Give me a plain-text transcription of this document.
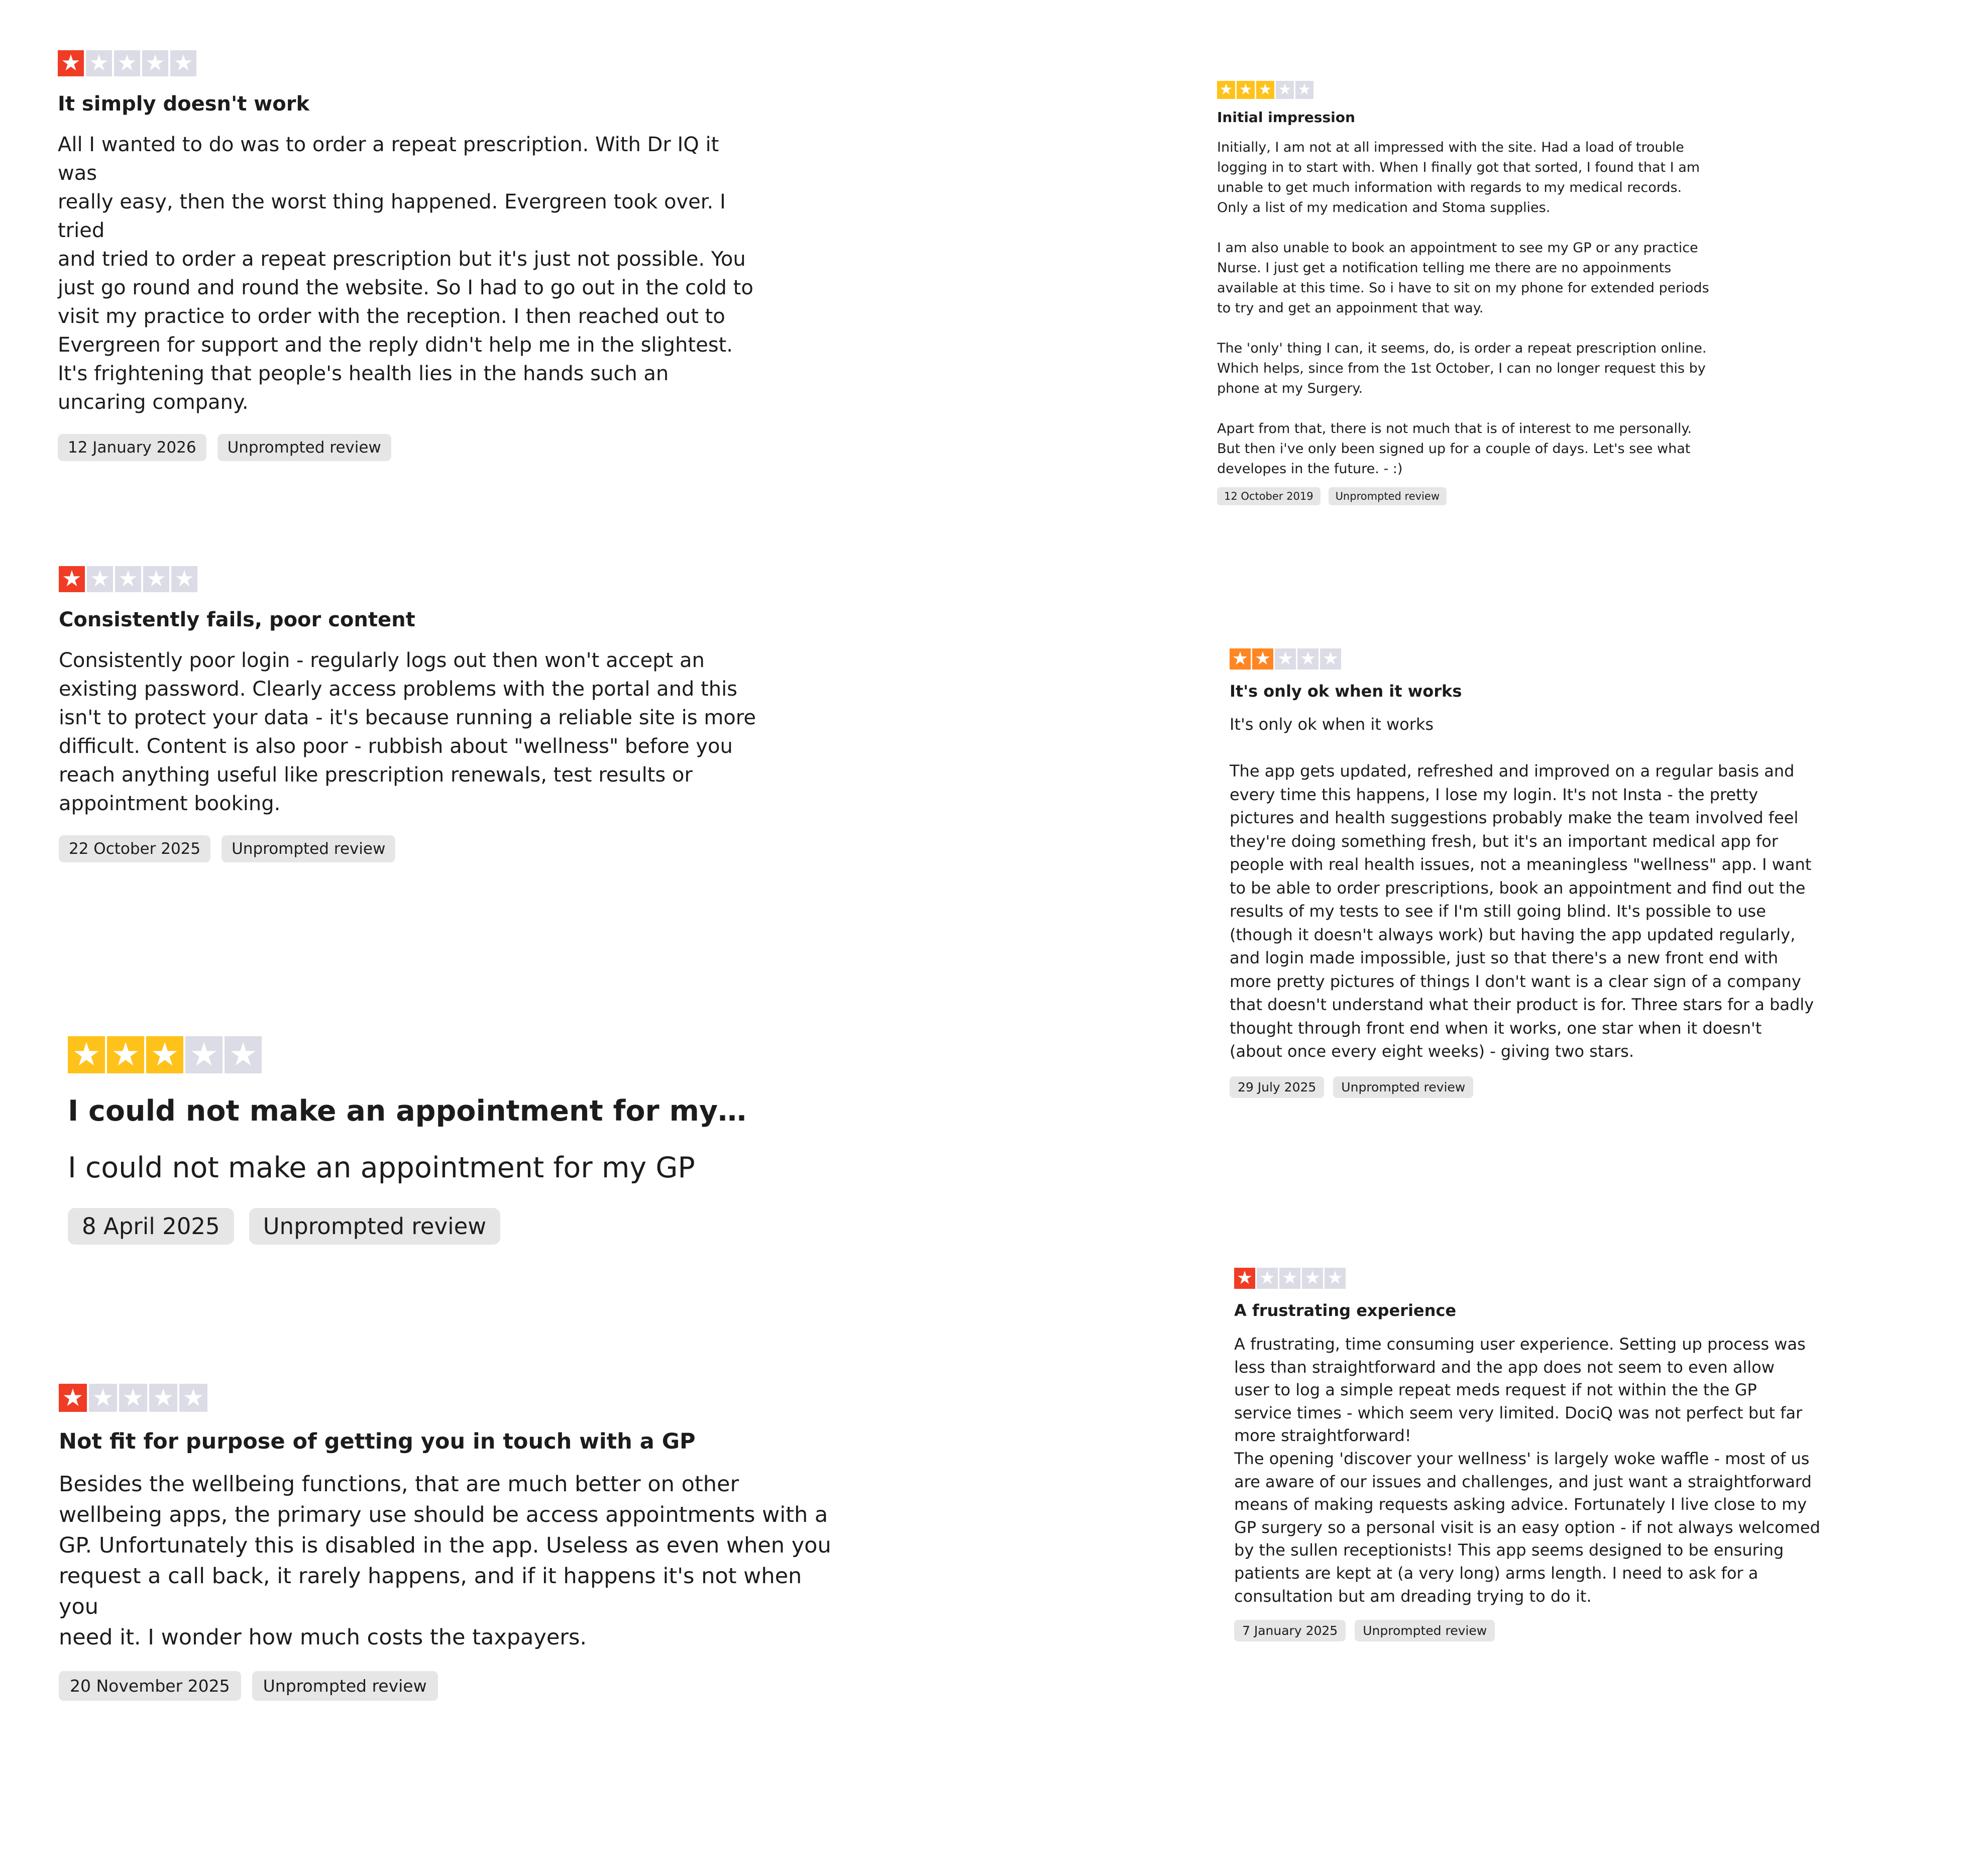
★ ★ ★ ★ ★
It simply doesn't work
All I wanted to do was to order a repeat prescription. With Dr IQ it was
really easy, then the worst thing happened. Evergreen took over. I tried
and tried to order a repeat prescription but it's just not possible. You
just go round and round the website. So I had to go out in the cold to
visit my practice to order with the reception. I then reached out to
Evergreen for support and the reply didn't help me in the slightest.
It's frightening that people's health lies in the hands such an
uncaring company.
12 January 2026	Unprompted review
★ ★ ★ ★ ★
Consistently fails, poor content
Consistently poor login - regularly logs out then won't accept an
existing password. Clearly access problems with the portal and this
isn't to protect your data - it's because running a reliable site is more
difficult. Content is also poor - rubbish about "wellness" before you
reach anything useful like prescription renewals, test results or
appointment booking.
22 October 2025	Unprompted review
★ ★ ★ ★ ★
I could not make an appointment for my…
I could not make an appointment for my GP
8 April 2025	Unprompted review
★ ★ ★ ★ ★
Not fit for purpose of getting you in touch with a GP
Besides the wellbeing functions, that are much better on other
wellbeing apps, the primary use should be access appointments with a
GP. Unfortunately this is disabled in the app. Useless as even when you
request a call back, it rarely happens, and if it happens it's not when you
need it. I wonder how much costs the taxpayers.
20 November 2025	Unprompted review
★ ★ ★ ★ ★
Initial impression
Initially, I am not at all impressed with the site. Had a load of trouble
logging in to start with. When I finally got that sorted, I found that I am
unable to get much information with regards to my medical records.
Only a list of my medication and Stoma supplies.

I am also unable to book an appointment to see my GP or any practice
Nurse. I just get a notification telling me there are no appoinments
available at this time. So i have to sit on my phone for extended periods
to try and get an appoinment that way.

The 'only' thing I can, it seems, do, is order a repeat prescription online.
Which helps, since from the 1st October, I can no longer request this by
phone at my Surgery.

Apart from that, there is not much that is of interest to me personally.
But then i've only been signed up for a couple of days. Let's see what
developes in the future. - :)
12 October 2019	Unprompted review
★ ★ ★ ★ ★
It's only ok when it works
It's only ok when it works

The app gets updated, refreshed and improved on a regular basis and
every time this happens, I lose my login. It's not Insta - the pretty
pictures and health suggestions probably make the team involved feel
they're doing something fresh, but it's an important medical app for
people with real health issues, not a meaningless "wellness" app. I want
to be able to order prescriptions, book an appointment and find out the
results of my tests to see if I'm still going blind. It's possible to use
(though it doesn't always work) but having the app updated regularly,
and login made impossible, just so that there's a new front end with
more pretty pictures of things I don't want is a clear sign of a company
that doesn't understand what their product is for. Three stars for a badly
thought through front end when it works, one star when it doesn't
(about once every eight weeks) - giving two stars.
29 July 2025	Unprompted review
★ ★ ★ ★ ★
A frustrating experience
A frustrating, time consuming user experience. Setting up process was
less than straightforward and the app does not seem to even allow
user to log a simple repeat meds request if not within the the GP
service times - which seem very limited. DociQ was not perfect but far
more straightforward!
The opening 'discover your wellness' is largely woke waffle - most of us
are aware of our issues and challenges, and just want a straightforward
means of making requests asking advice. Fortunately I live close to my
GP surgery so a personal visit is an easy option - if not always welcomed
by the sullen receptionists! This app seems designed to be ensuring
patients are kept at (a very long) arms length. I need to ask for a
consultation but am dreading trying to do it.
7 January 2025	Unprompted review
